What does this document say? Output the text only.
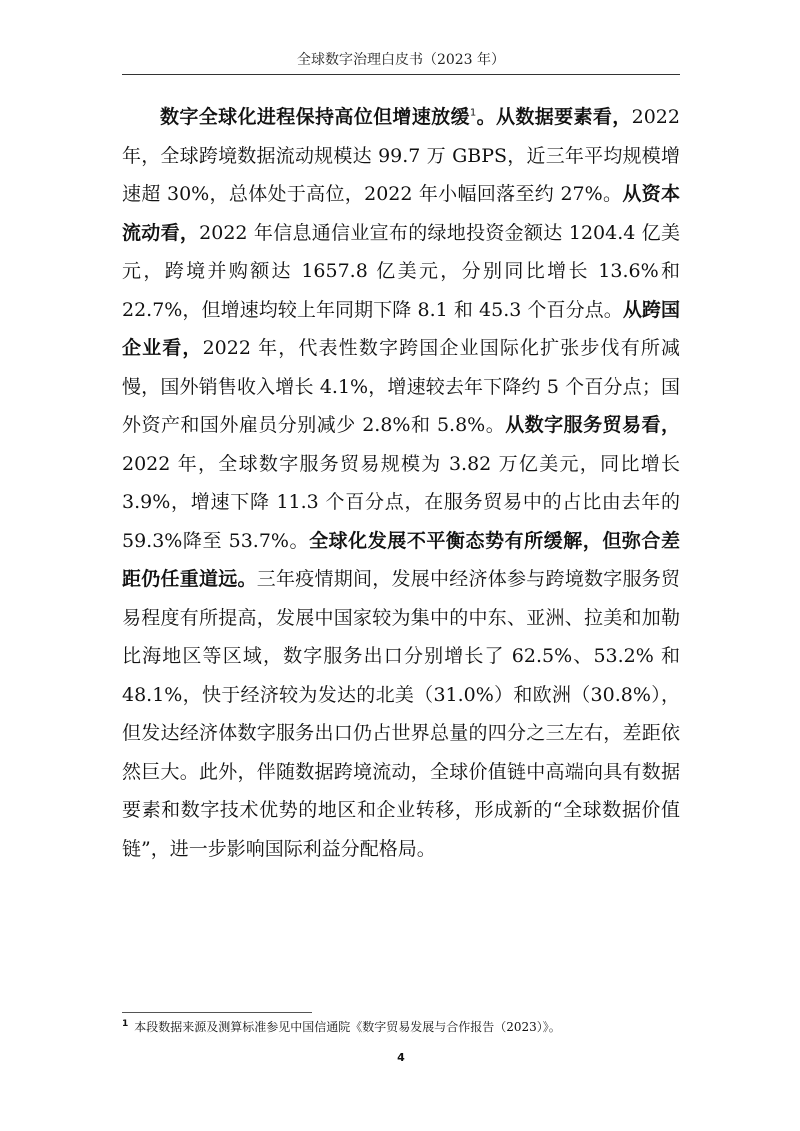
全球数字治理白皮书（2023 年）

数字全球化进程保持高位但增速放缓$^1$。从数据要素看，2022 年，全球跨境数据流动规模达 99.7 万 GBPS，近三年平均规模增速超 30%，总体处于高位，2022 年小幅回落至约 27%。从资本流动看，2022 年信息通信业宣布的绿地投资金额达 1204.4 亿美元，跨境并购额达 1657.8 亿美元，分别同比增长 13.6%和 22.7%，但增速均较上年同期下降 8.1 和 45.3 个百分点。从跨国企业看，2022 年，代表性数字跨国企业国际化扩张步伐有所减慢，国外销售收入增长 4.1%，增速较去年下降约 5 个百分点；国外资产和国外雇员分别减少 2.8%和 5.8%。从数字服务贸易看，2022 年，全球数字服务贸易规模为 3.82 万亿美元，同比增长 3.9%，增速下降 11.3 个百分点，在服务贸易中的占比由去年的 59.3%降至 53.7%。全球化发展不平衡态势有所缓解，但弥合差距仍任重道远。三年疫情期间，发展中经济体参与跨境数字服务贸易程度有所提高，发展中国家较为集中的中东、亚洲、拉美和加勒比海地区等区域，数字服务出口分别增长了 62.5%、53.2% 和 48.1%，快于经济较为发达的北美（31.0%）和欧洲（30.8%），但发达经济体数字服务出口仍占世界总量的四分之三左右，差距依然巨大。此外，伴随数据跨境流动，全球价值链中高端向具有数据要素和数字技术优势的地区和企业转移，形成新的“全球数据价值链”，进一步影响国际利益分配格局。

$^1$ 本段数据来源及测算标准参见中国信通院《数字贸易发展与合作报告（2023）》。
4
